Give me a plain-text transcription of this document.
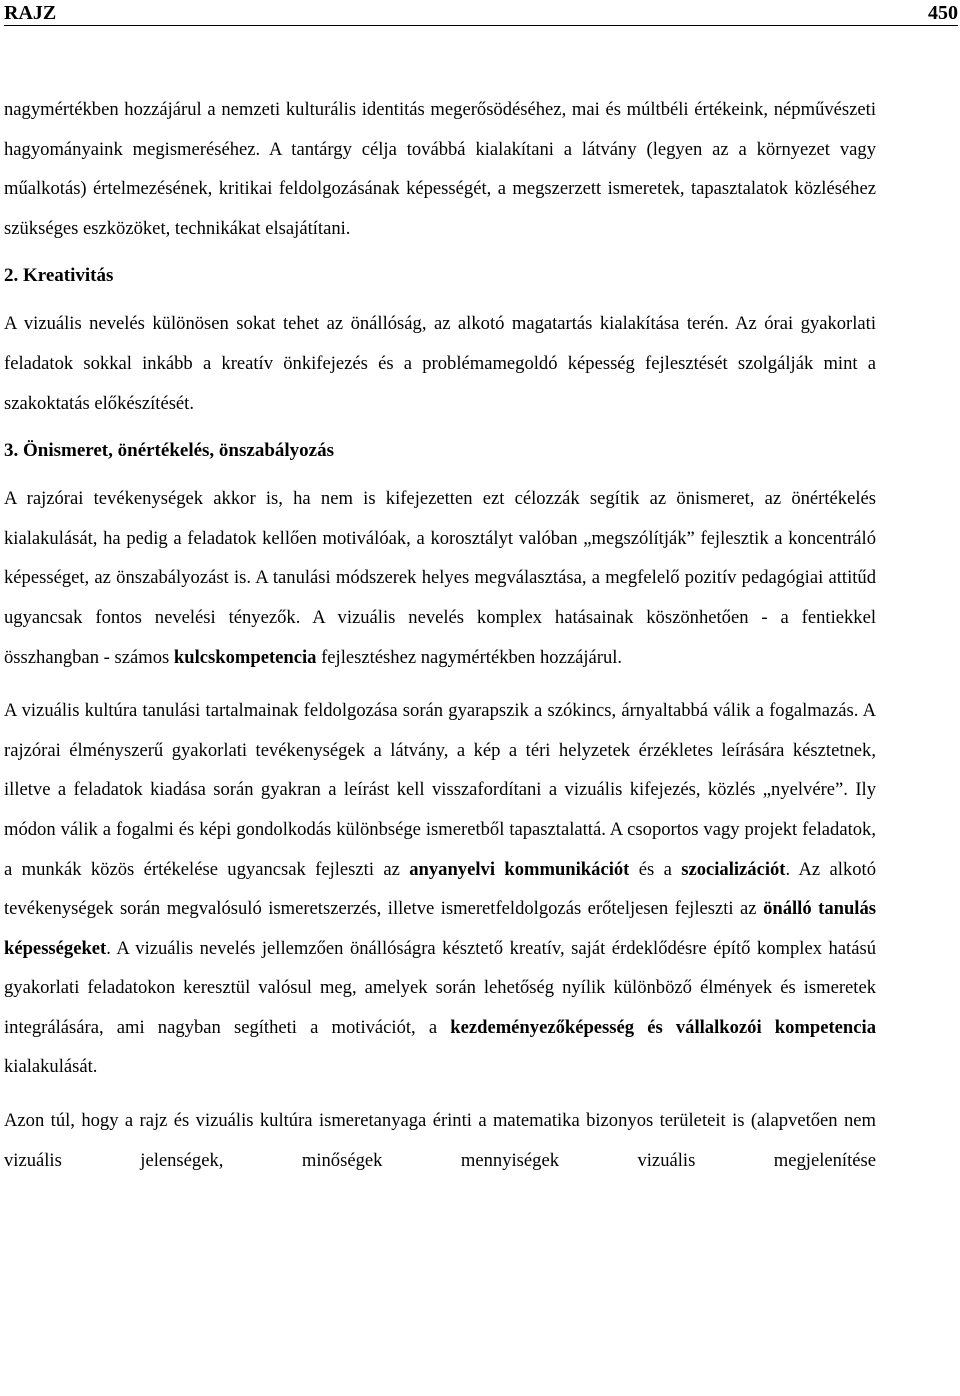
RAJZ	450

nagymértékben hozzájárul a nemzeti kulturális identitás megerősödéséhez, mai és múltbéli értékeink, népművészeti hagyományaink megismeréséhez. A tantárgy célja továbbá kialakítani a látvány (legyen az a környezet vagy műalkotás) értelmezésének, kritikai feldolgozásának képességét, a megszerzett ismeretek, tapasztalatok közléséhez szükséges eszközöket, technikákat elsajátítani.

2. Kreativitás

A vizuális nevelés különösen sokat tehet az önállóság, az alkotó magatartás kialakítása terén. Az órai gyakorlati feladatok sokkal inkább a kreatív önkifejezés és a problémamegoldó képesség fejlesztését szolgálják mint a szakoktatás előkészítését.

3. Önismeret, önértékelés, önszabályozás

A rajzórai tevékenységek akkor is, ha nem is kifejezetten ezt célozzák segítik az önismeret, az önértékelés kialakulását, ha pedig a feladatok kellően motiválóak, a korosztályt valóban „megszólítják” fejlesztik a koncentráló képességet, az önszabályozást is. A tanulási módszerek helyes megválasztása, a megfelelő pozitív pedagógiai attitűd ugyancsak fontos nevelési tényezők. A vizuális nevelés komplex hatásainak köszönhetően - a fentiekkel összhangban - számos kulcskompetencia fejlesztéshez nagymértékben hozzájárul.

A vizuális kultúra tanulási tartalmainak feldolgozása során gyarapszik a szókincs, árnyaltabbá válik a fogalmazás. A rajzórai élményszerű gyakorlati tevékenységek a látvány, a kép a téri helyzetek érzékletes leírására késztetnek, illetve a feladatok kiadása során gyakran a leírást kell visszafordítani a vizuális kifejezés, közlés „nyelvére”. Ily módon válik a fogalmi és képi gondolkodás különbsége ismeretből tapasztalattá. A csoportos vagy projekt feladatok, a munkák közös értékelése ugyancsak fejleszti az anyanyelvi kommunikációt és a szocializációt. Az alkotó tevékenységek során megvalósuló ismeretszerzés, illetve ismeretfeldolgozás erőteljesen fejleszti az önálló tanulás képességeket. A vizuális nevelés jellemzően önállóságra késztető kreatív, saját érdeklődésre építő komplex hatású gyakorlati feladatokon keresztül valósul meg, amelyek során lehetőség nyílik különböző élmények és ismeretek integrálására, ami nagyban segítheti a motivációt, a kezdeményezőképesség és vállalkozói kompetencia kialakulását.

Azon túl, hogy a rajz és vizuális kultúra ismeretanyaga érinti a matematika bizonyos területeit is (alapvetően nem vizuális jelenségek, minőségek mennyiségek vizuális megjelenítése
